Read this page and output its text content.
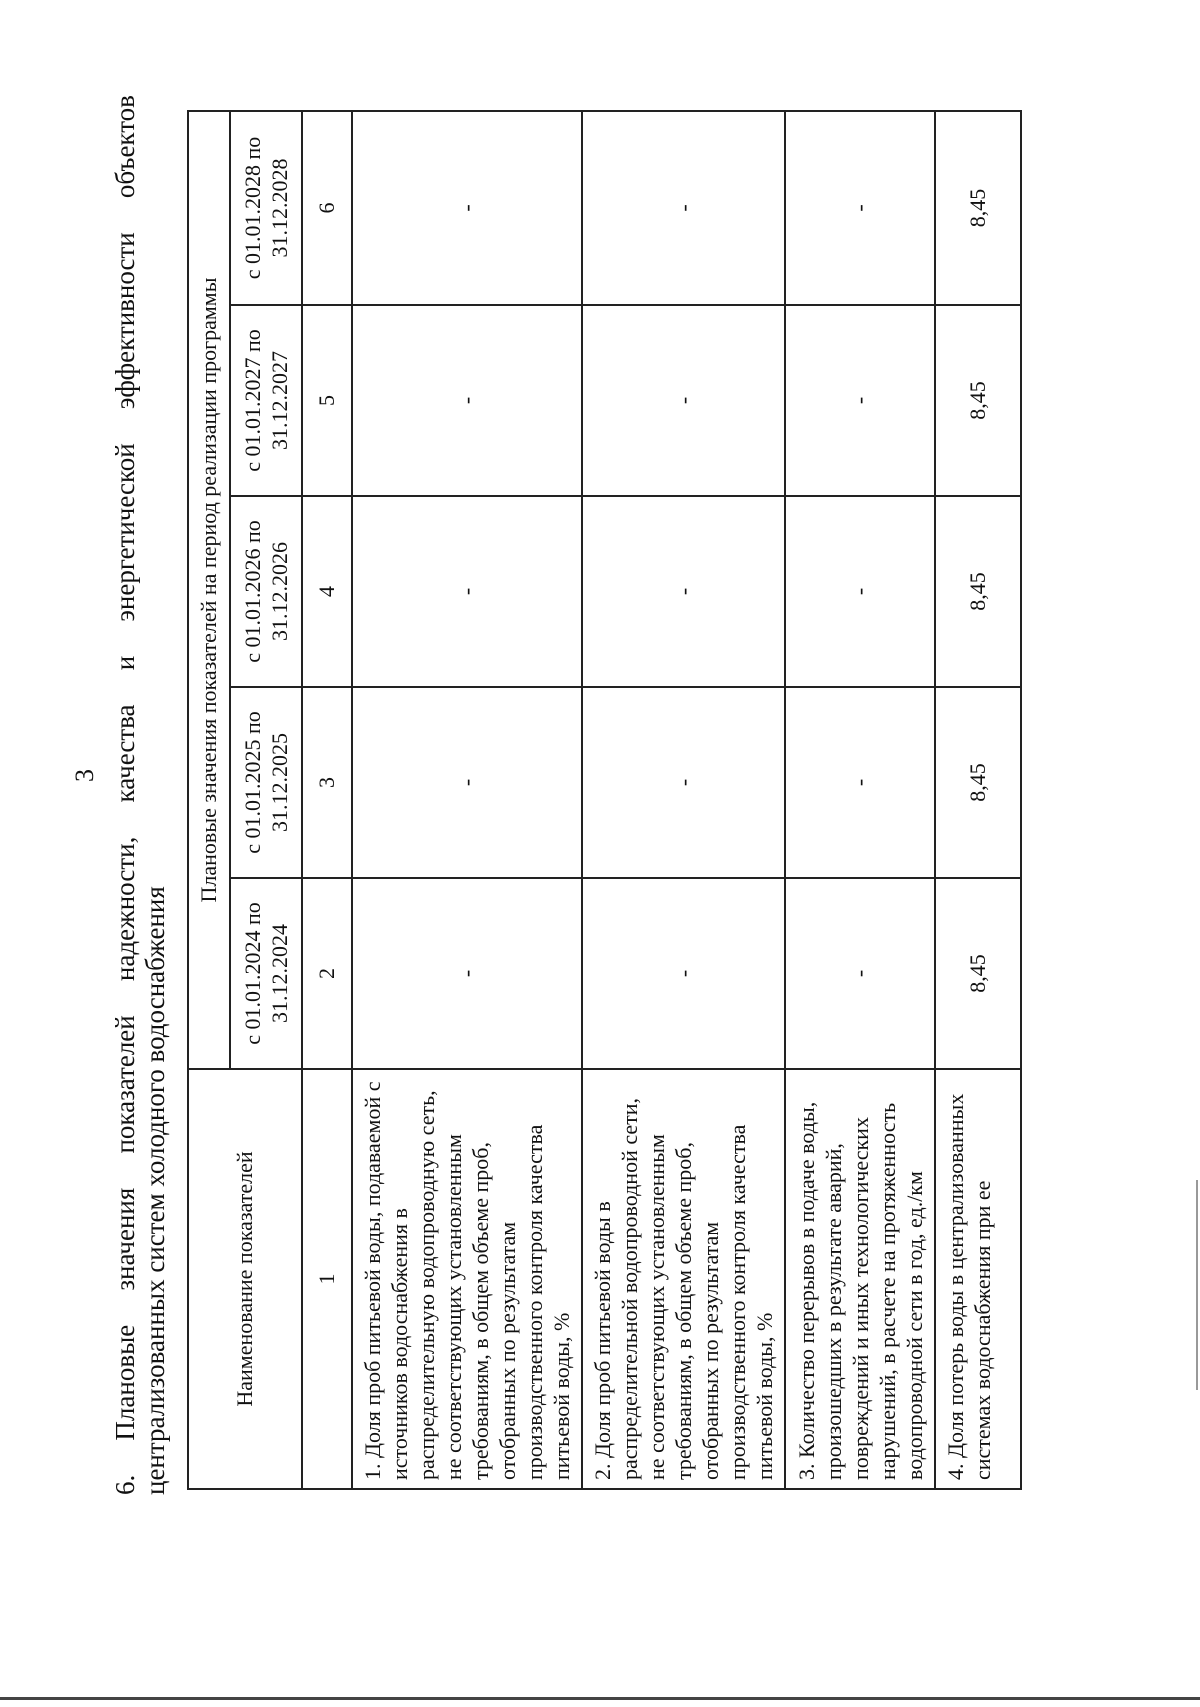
3
6.
Плановые
значения
показателей
надежности,
качества
и
энергетической
эффективности
объектов
централизованных систем холодного водоснабжения	Наименование показателей	Плановые значения показателей на период реализации программы				
	с 01.01.2024 по 31.12.2024	с 01.01.2025 по 31.12.2025	с 01.01.2026 по 31.12.2026	с 01.01.2027 по 31.12.2027	с 01.01.2028 по 31.12.2028
1	2	3	4	5	6
1. Доля проб питьевой воды, подаваемой с источников водоснабжения в распределительную водопроводную сеть, не соответствующих установленным требованиям, в общем объеме проб, отобранных по результатам производственного контроля качества питьевой воды, %	-	-	-	-	-
2. Доля проб питьевой воды в распределительной водопроводной сети, не соответствующих установленным требованиям, в общем объеме проб, отобранных по результатам производственного контроля качества питьевой воды, %	-	-	-	-	-
3. Количество перерывов в подаче воды, произошедших в результате аварий, повреждений и иных технологических нарушений, в расчете на протяженность водопроводной сети в год, ед./км	-	-	-	-	-
4. Доля потерь воды в централизованных системах водоснабжения при ее	8,45	8,45	8,45	8,45	8,45
